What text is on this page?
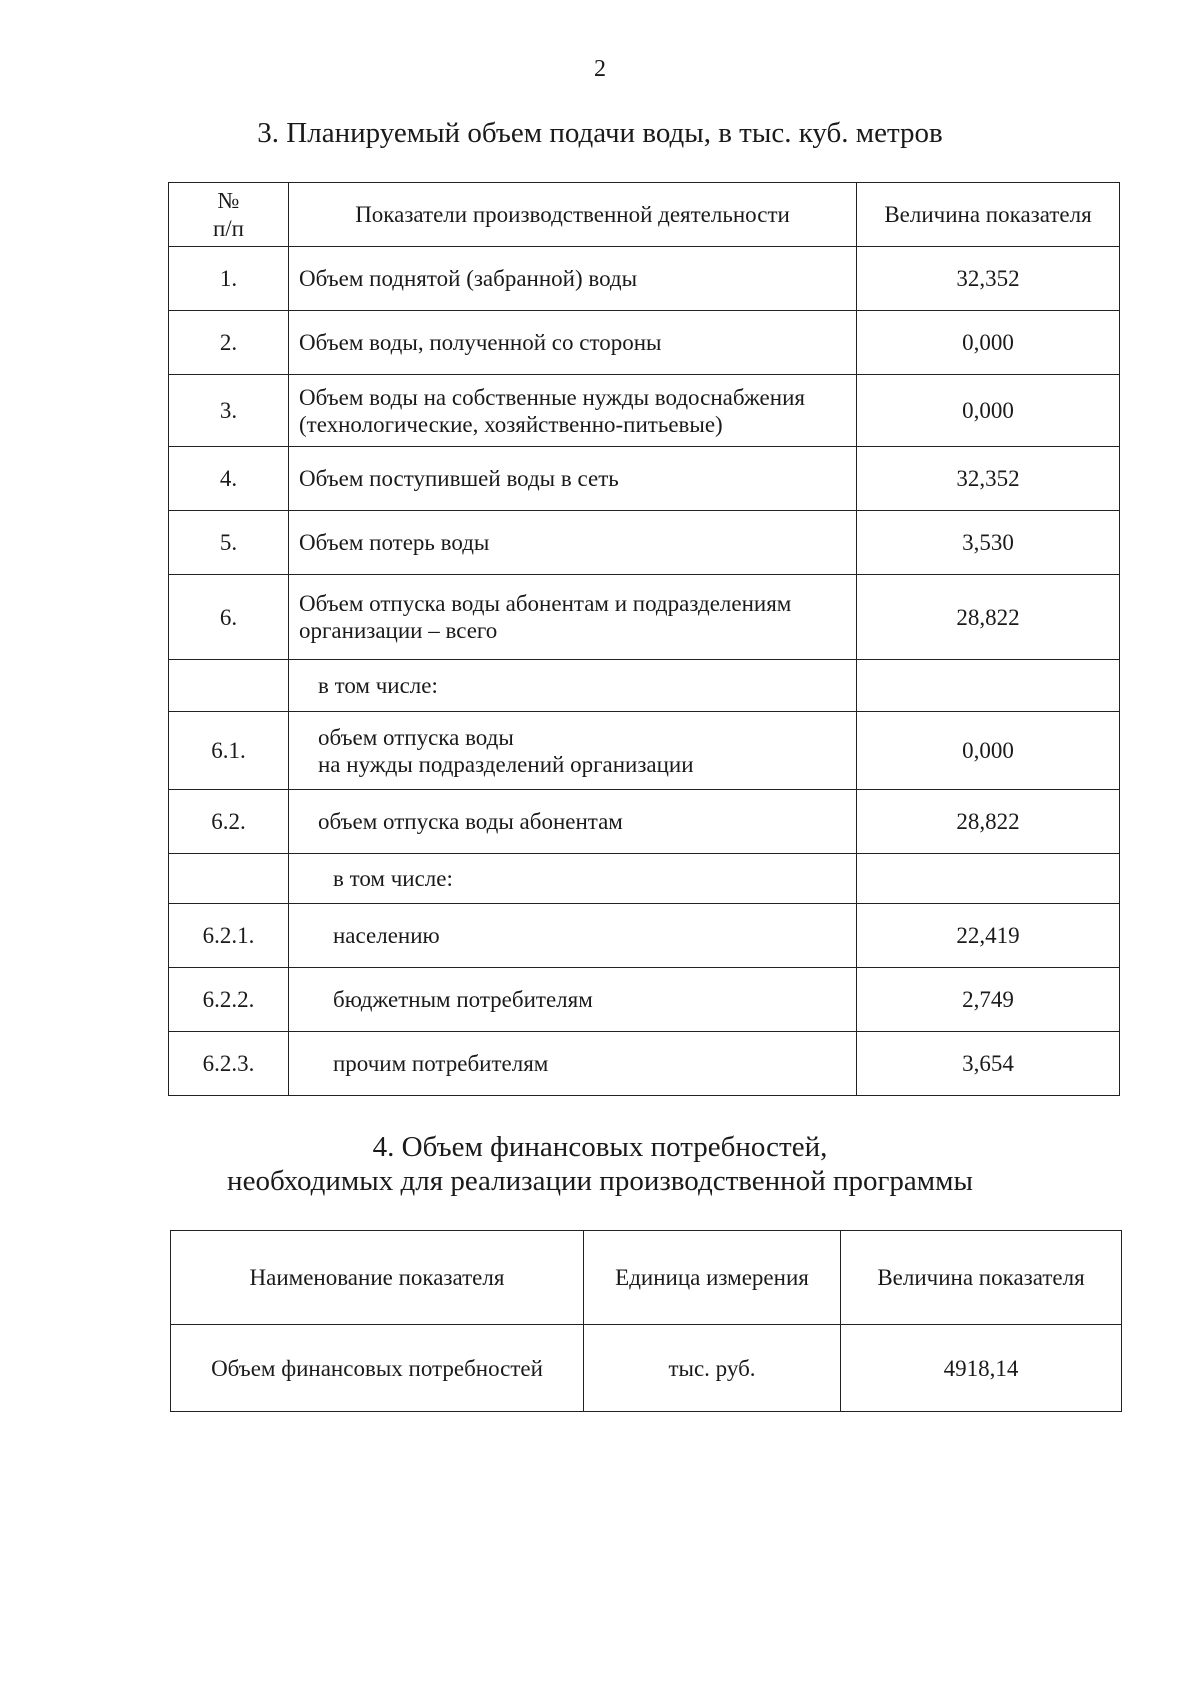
2
3. Планируемый объем подачи воды, в тыс. куб. метров
№
п/п	Показатели производственной деятельности	Величина показателя
1.	Объем поднятой (забранной) воды	32,352
2.	Объем воды, полученной со стороны	0,000
3.	Объем воды на собственные нужды водоснабжения
(технологические, хозяйственно-питьевые)	0,000
4.	Объем поступившей воды в сеть	32,352
5.	Объем потерь воды	3,530
6.	Объем отпуска воды абонентам и подразделениям
организации – всего	28,822
	в том числе:	
6.1.	объем отпуска воды
на нужды подразделений организации	0,000
6.2.	объем отпуска воды абонентам	28,822
	в том числе:	
6.2.1.	населению	22,419
6.2.2.	бюджетным потребителям	2,749
6.2.3.	прочим потребителям	3,654
4. Объем финансовых потребностей,
необходимых для реализации производственной программы
Наименование показателя	Единица измерения	Величина показателя
Объем финансовых потребностей	тыс. руб.	4918,14
